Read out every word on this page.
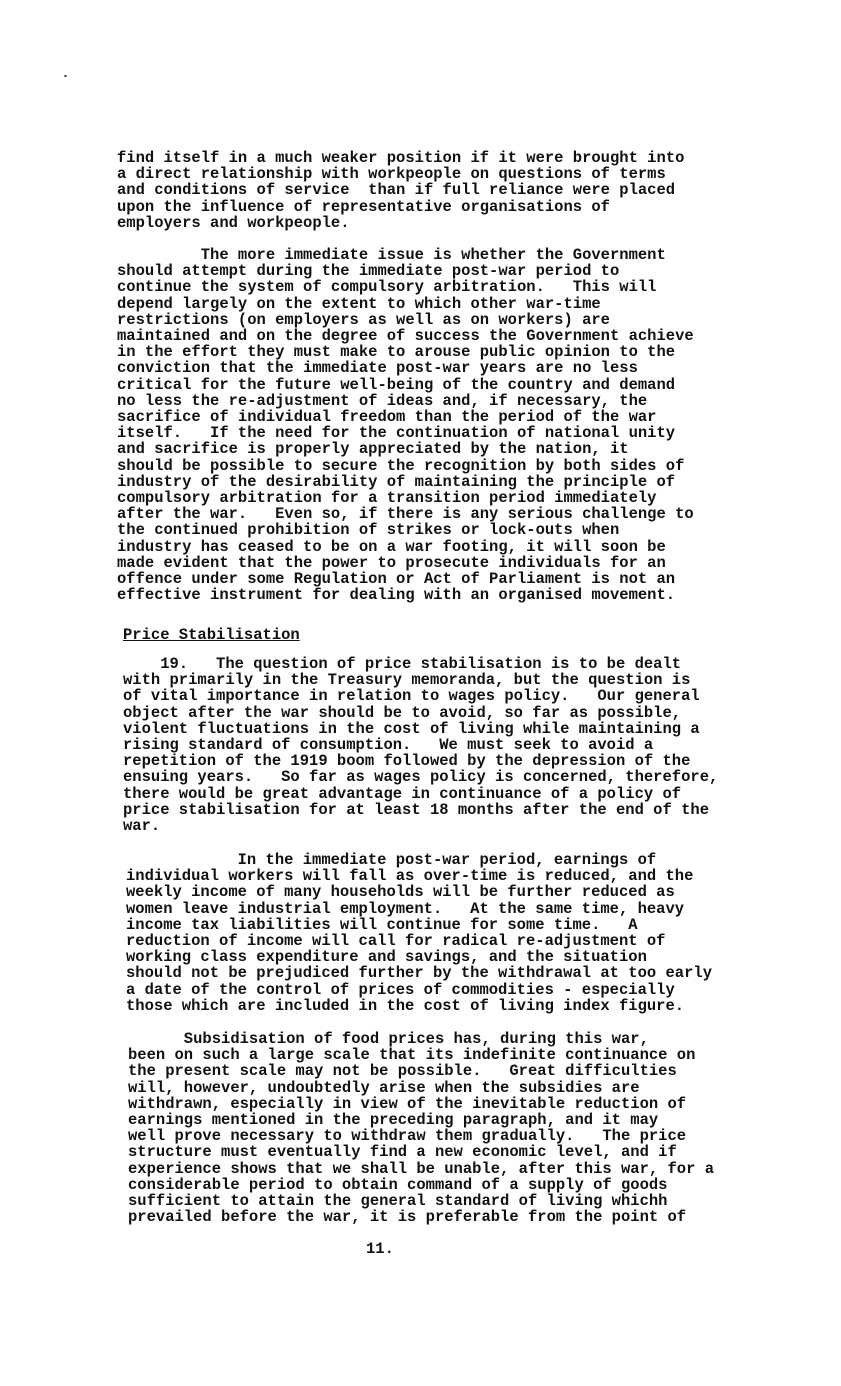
find itself in a much weaker position if it were brought into

a direct relationship with workpeople on questions of terms

and conditions of service  than if full reliance were placed

upon the influence of representative organisations of

employers and workpeople.

The more immediate issue is whether the Government

should attempt during the immediate post-war period to

continue the system of compulsory arbitration.   This will

depend largely on the extent to which other war-time

restrictions (on employers as well as on workers) are

maintained and on the degree of success the Government achieve

in the effort they must make to arouse public opinion to the

conviction that the immediate post-war years are no less

critical for the future well-being of the country and demand

no less the re-adjustment of ideas and, if necessary, the

sacrifice of individual freedom than the period of the war

itself.   If the need for the continuation of national unity

and sacrifice is properly appreciated by the nation, it

should be possible to secure the recognition by both sides of

industry of the desirability of maintaining the principle of

compulsory arbitration for a transition period immediately

after the war.   Even so, if there is any serious challenge to

the continued prohibition of strikes or lock-outs when

industry has ceased to be on a war footing, it will soon be

made evident that the power to prosecute individuals for an

offence under some Regulation or Act of Parliament is not an

effective instrument for dealing with an organised movement.

Price Stabilisation

19.   The question of price stabilisation is to be dealt

with primarily in the Treasury memoranda, but the question is

of vital importance in relation to wages policy.   Our general

object after the war should be to avoid, so far as possible,

violent fluctuations in the cost of living while maintaining a

rising standard of consumption.   We must seek to avoid a

repetition of the 1919 boom followed by the depression of the

ensuing years.   So far as wages policy is concerned, therefore,

there would be great advantage in continuance of a policy of

price stabilisation for at least 18 months after the end of the

war.

In the immediate post-war period, earnings of

individual workers will fall as over-time is reduced, and the

weekly income of many households will be further reduced as

women leave industrial employment.   At the same time, heavy

income tax liabilities will continue for some time.   A

reduction of income will call for radical re-adjustment of

working class expenditure and savings, and the situation

should not be prejudiced further by the withdrawal at too early

a date of the control of prices of commodities - especially

those which are included in the cost of living index figure.

Subsidisation of food prices has, during this war,

been on such a large scale that its indefinite continuance on

the present scale may not be possible.   Great difficulties

will, however, undoubtedly arise when the subsidies are

withdrawn, especially in view of the inevitable reduction of

earnings mentioned in the preceding paragraph, and it may

well prove necessary to withdraw them gradually.   The price

structure must eventually find a new economic level, and if

experience shows that we shall be unable, after this war, for a

considerable period to obtain command of a supply of goods

sufficient to attain the general standard of living whichh

prevailed before the war, it is preferable from the point of

11.
